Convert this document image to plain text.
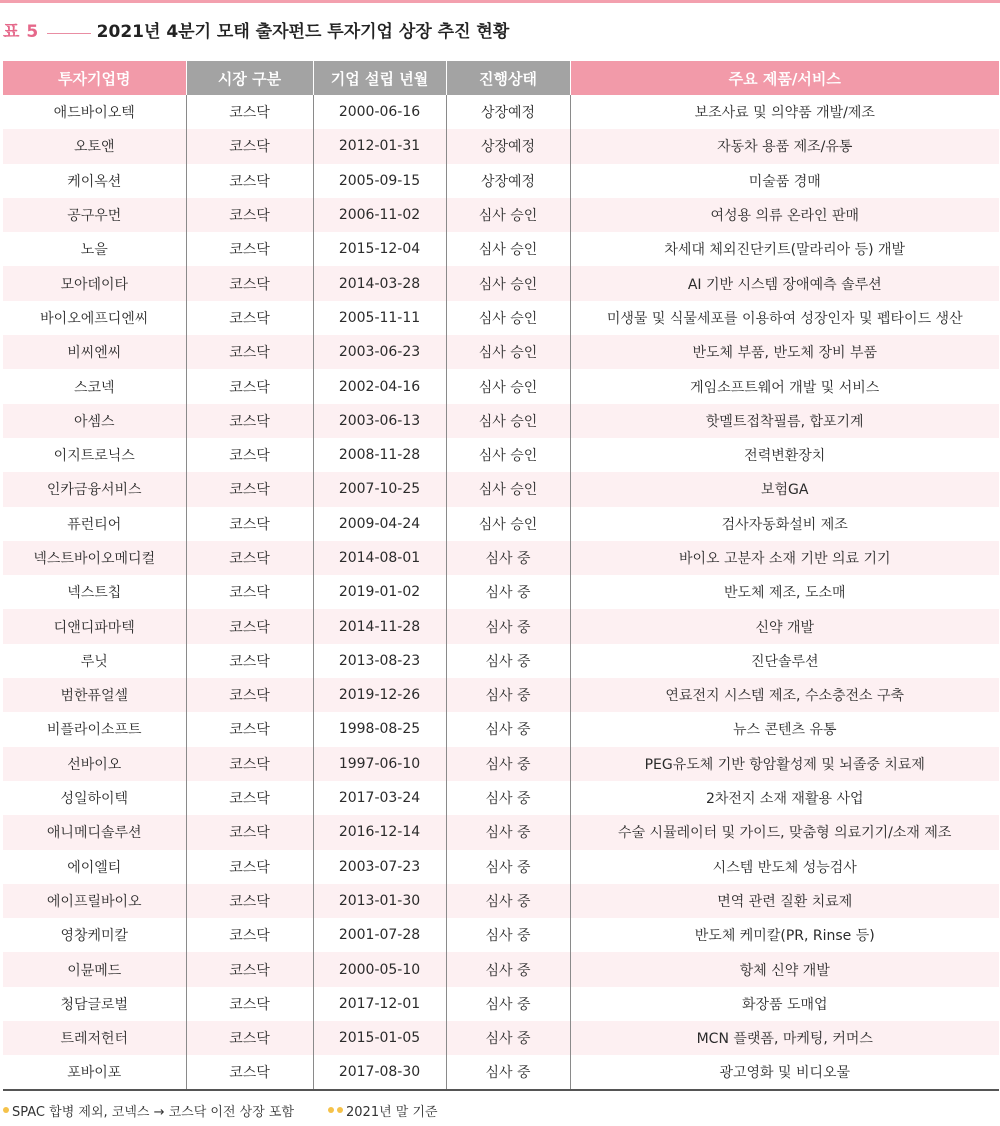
표 5	2021년 4분기 모태 출자펀드 투자기업 상장 추진 현황
투자기업명	시장 구분	기업 설립 년월	진행상태	주요 제품/서비스
애드바이오텍	코스닥	2000-06-16	상장예정	보조사료 및 의약품 개발/제조
오토앤	코스닥	2012-01-31	상장예정	자동차 용품 제조/유통
케이옥션	코스닥	2005-09-15	상장예정	미술품 경매
공구우먼	코스닥	2006-11-02	심사 승인	여성용 의류 온라인 판매
노을	코스닥	2015-12-04	심사 승인	차세대 체외진단키트(말라리아 등) 개발
모아데이타	코스닥	2014-03-28	심사 승인	AI 기반 시스템 장애예측 솔루션
바이오에프디엔씨	코스닥	2005-11-11	심사 승인	미생물 및 식물세포를 이용하여 성장인자 및 펩타이드 생산
비씨엔씨	코스닥	2003-06-23	심사 승인	반도체 부품, 반도체 장비 부품
스코넥	코스닥	2002-04-16	심사 승인	게임소프트웨어 개발 및 서비스
아셈스	코스닥	2003-06-13	심사 승인	핫멜트접착필름, 합포기계
이지트로닉스	코스닥	2008-11-28	심사 승인	전력변환장치
인카금융서비스	코스닥	2007-10-25	심사 승인	보험GA
퓨런티어	코스닥	2009-04-24	심사 승인	검사자동화설비 제조
넥스트바이오메디컬	코스닥	2014-08-01	심사 중	바이오 고분자 소재 기반 의료 기기
넥스트칩	코스닥	2019-01-02	심사 중	반도체 제조, 도소매
디앤디파마텍	코스닥	2014-11-28	심사 중	신약 개발
루닛	코스닥	2013-08-23	심사 중	진단솔루션
범한퓨얼셀	코스닥	2019-12-26	심사 중	연료전지 시스템 제조, 수소충전소 구축
비플라이소프트	코스닥	1998-08-25	심사 중	뉴스 콘텐츠 유통
선바이오	코스닥	1997-06-10	심사 중	PEG유도체 기반 항암활성제 및 뇌졸중 치료제
성일하이텍	코스닥	2017-03-24	심사 중	2차전지 소재 재활용 사업
애니메디솔루션	코스닥	2016-12-14	심사 중	수술 시뮬레이터 및 가이드, 맞춤형 의료기기/소재 제조
에이엘티	코스닥	2003-07-23	심사 중	시스템 반도체 성능검사
에이프릴바이오	코스닥	2013-01-30	심사 중	면역 관련 질환 치료제
영창케미칼	코스닥	2001-07-28	심사 중	반도체 케미칼(PR, Rinse 등)
이뮨메드	코스닥	2000-05-10	심사 중	항체 신약 개발
청담글로벌	코스닥	2017-12-01	심사 중	화장품 도매업
트레저헌터	코스닥	2015-01-05	심사 중	MCN 플랫폼, 마케팅, 커머스
포바이포	코스닥	2017-08-30	심사 중	광고영화 및 비디오물
SPAC 합병 제외, 코넥스 → 코스닥 이전 상장 포함	2021년 말 기준
